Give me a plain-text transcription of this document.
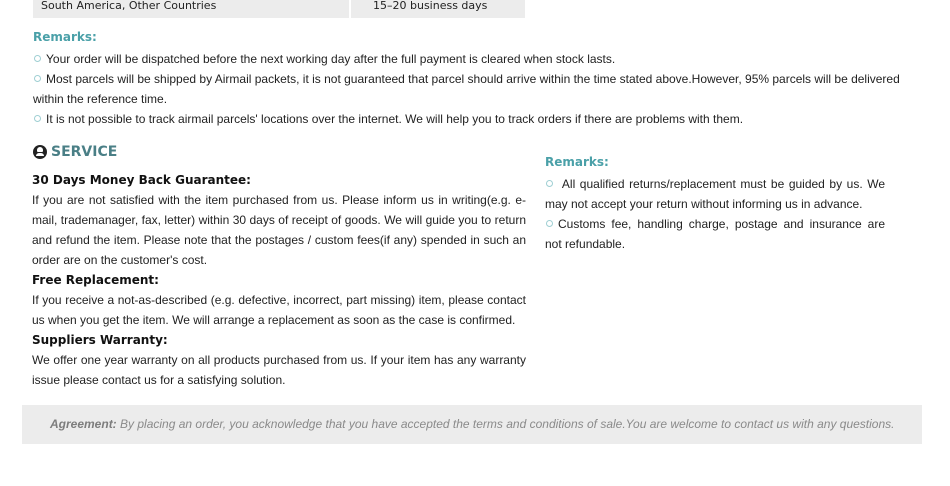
South America, Other Countries	15–20 business days
Remarks:
Your order will be dispatched before the next working day after the full payment is cleared when stock lasts.
Most parcels will be shipped by Airmail packets, it is not guaranteed that parcel should arrive within the time stated above.However, 95% parcels will be delivered within the reference time.
It is not possible to track airmail parcels' locations over the internet. We will help you to track orders if there are problems with them.
SERVICE
30 Days Money Back Guarantee:
If you are not satisfied with the item purchased from us. Please inform us in writing(e.g. e-mail, trademanager, fax, letter) within 30 days of receipt of goods. We will guide you to return and refund the item. Please note that the postages / custom fees(if any) spended in such an order are on the customer's cost.
Free Replacement:
If you receive a not-as-described (e.g. defective, incorrect, part missing) item, please contact us when you get the item. We will arrange a replacement as soon as the case is confirmed.
Suppliers Warranty:
We offer one year warranty on all products purchased from us. If your item has any warranty issue please contact us for a satisfying solution.
Remarks:
All qualified returns/replacement must be guided by us. We may not accept your return without informing us in advance.
Customs fee, handling charge, postage and insurance are not refundable.
Agreement: By placing an order, you acknowledge that you have accepted the terms and conditions of sale.You are welcome to contact us with any questions.
